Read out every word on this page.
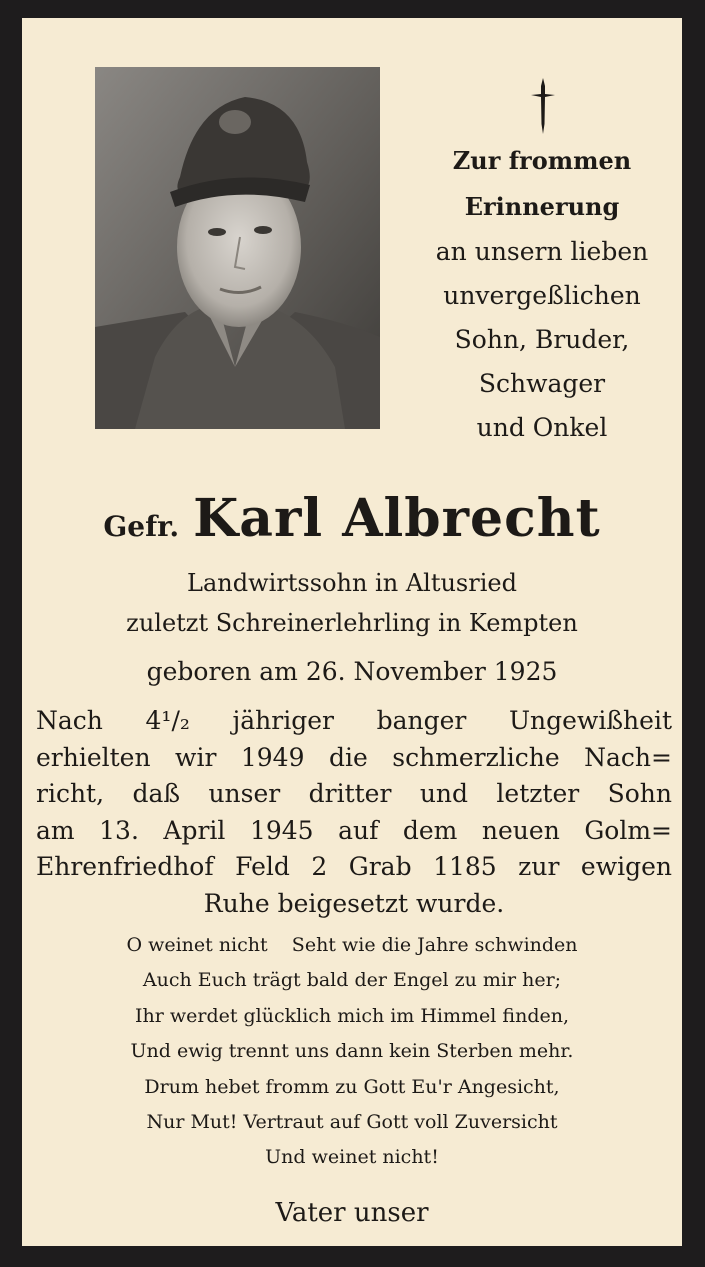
Zur frommen
Erinnerung
an unsern lieben
unvergeßlichen
Sohn, Bruder,
Schwager
und Onkel
Gefr. Karl Albrecht
Landwirtssohn in Altusried
zuletzt Schreinerlehrling in Kempten
geboren am 26. November 1925
Nach 4¹/₂ jähriger banger Ungewißheit
erhielten wir 1949 die schmerzliche Nach=
richt, daß unser dritter und letzter Sohn
am 13. April 1945 auf dem neuen Golm=
Ehrenfriedhof Feld 2 Grab 1185 zur ewigen
Ruhe beigesetzt wurde.
O weinet nicht    Seht wie die Jahre schwinden
Auch Euch trägt bald der Engel zu mir her;
Ihr werdet glücklich mich im Himmel finden,
Und ewig trennt uns dann kein Sterben mehr.
Drum hebet fromm zu Gott Eu'r Angesicht,
Nur Mut! Vertraut auf Gott voll Zuversicht
Und weinet nicht!
Vater unser
